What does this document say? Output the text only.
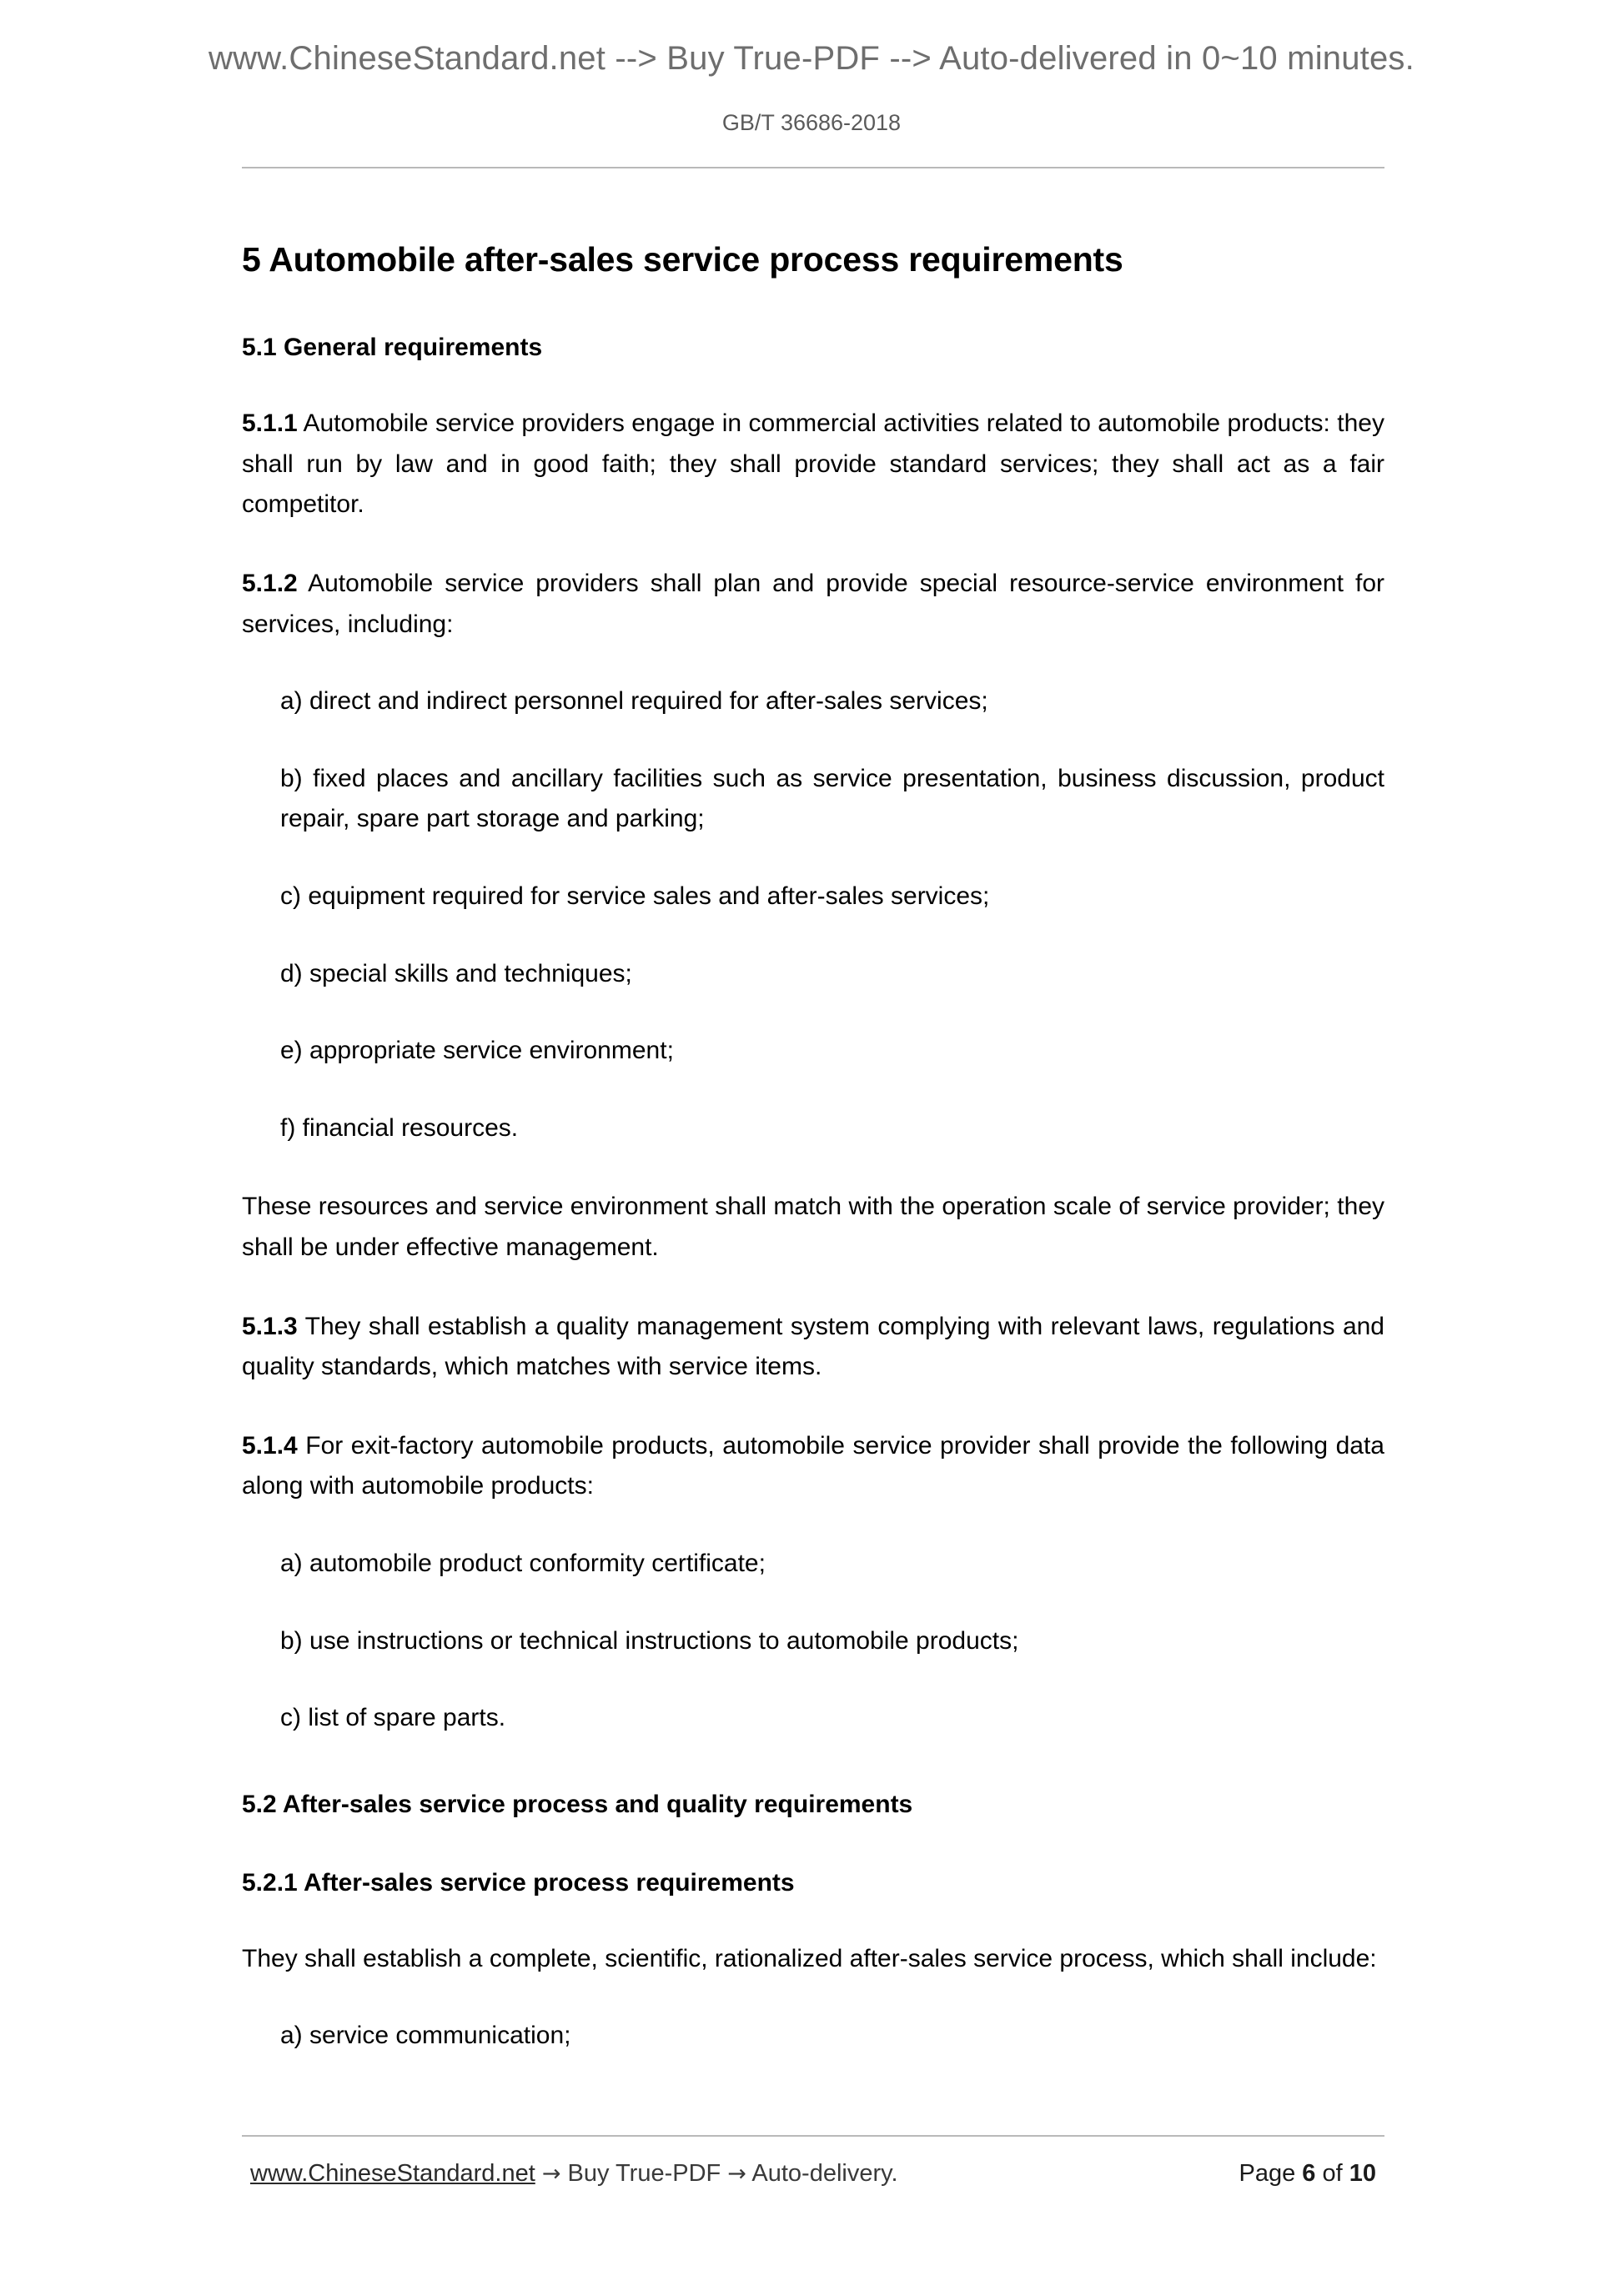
www.ChineseStandard.net --> Buy True-PDF --> Auto-delivered in 0~10 minutes.
GB/T 36686-2018
5 Automobile after-sales service process requirements
5.1 General requirements

5.1.1 Automobile service providers engage in commercial activities related to automobile products: they shall run by law and in good faith; they shall provide standard services; they shall act as a fair competitor.

5.1.2 Automobile service providers shall plan and provide special resource-service environment for services, including:

a) direct and indirect personnel required for after-sales services;

b) fixed places and ancillary facilities such as service presentation, business discussion, product repair, spare part storage and parking;

c) equipment required for service sales and after-sales services;

d) special skills and techniques;

e) appropriate service environment;

f) financial resources.

These resources and service environment shall match with the operation scale of service provider; they shall be under effective management.

5.1.3 They shall establish a quality management system complying with relevant laws, regulations and quality standards, which matches with service items.

5.1.4 For exit-factory automobile products, automobile service provider shall provide the following data along with automobile products:

a) automobile product conformity certificate;

b) use instructions or technical instructions to automobile products;

c) list of spare parts.

5.2 After-sales service process and quality requirements
5.2.1 After-sales service process requirements

They shall establish a complete, scientific, rationalized after-sales service process, which shall include:

a) service communication;

www.ChineseStandard.net → Buy True-PDF → Auto-delivery.	Page 6 of 10
